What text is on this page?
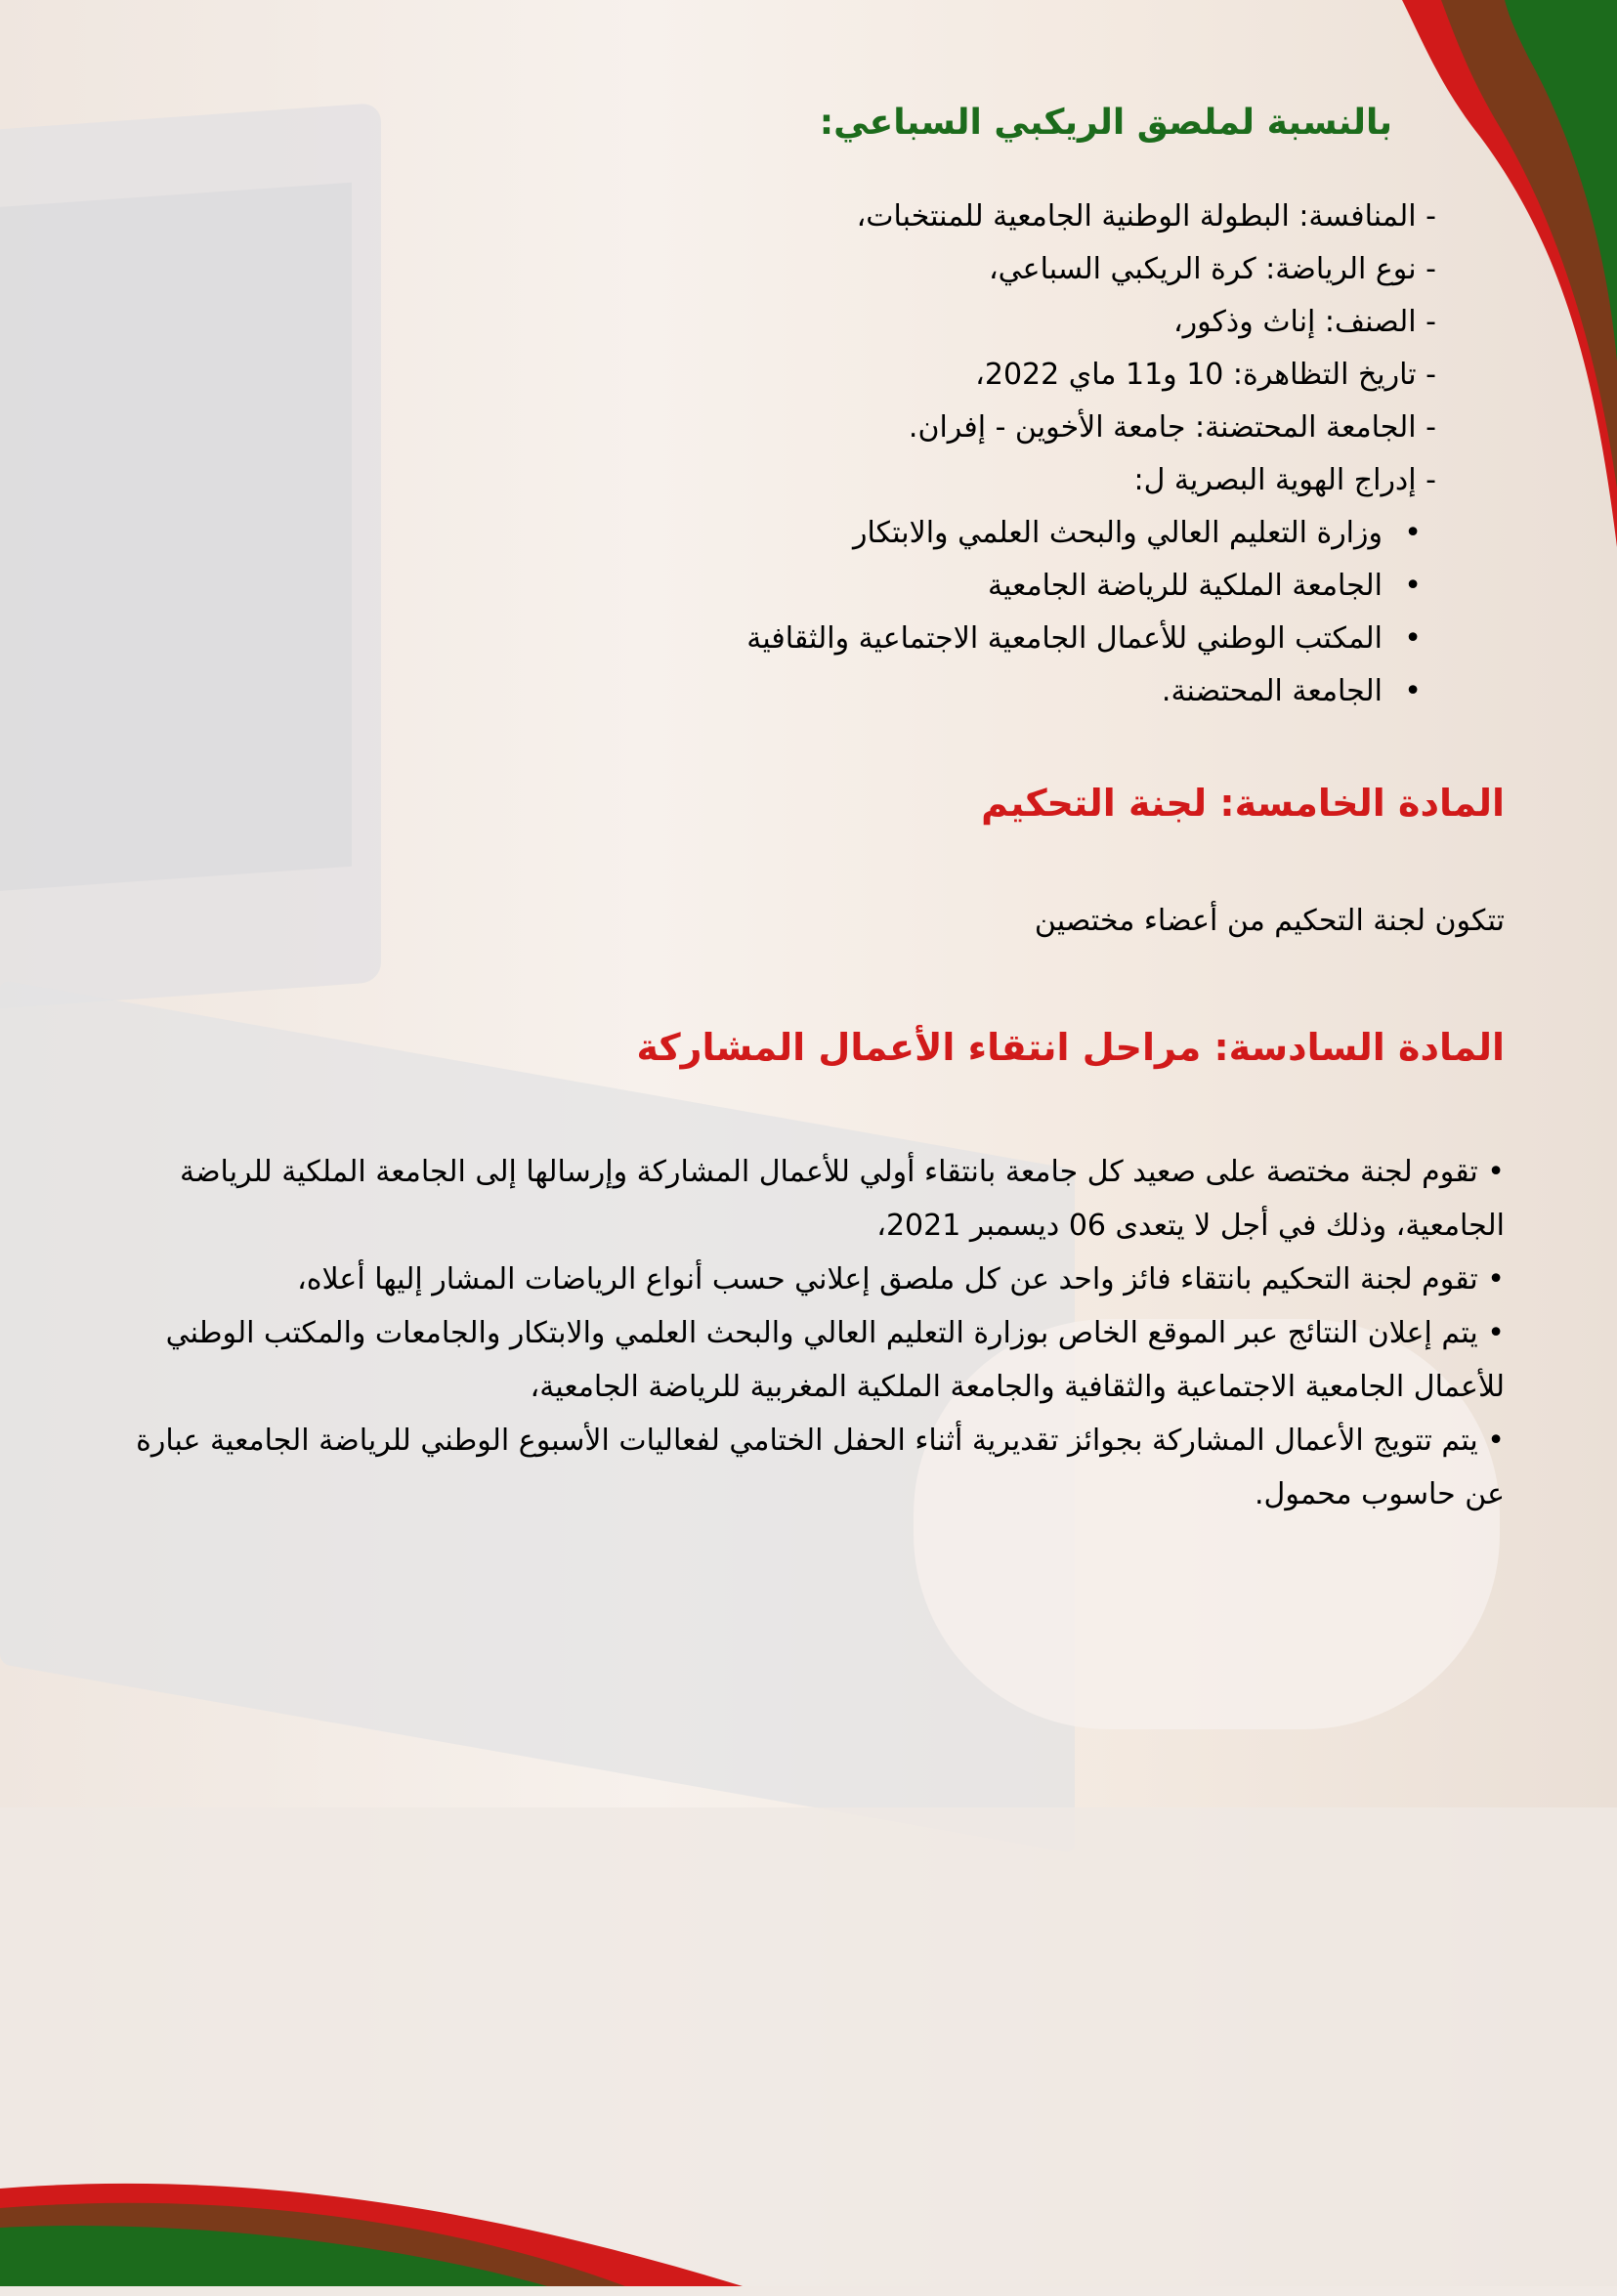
بالنسبة لملصق الريكبي السباعي:
- المنافسة: البطولة الوطنية الجامعية للمنتخبات،
- نوع الرياضة: كرة الريكبي السباعي،
- الصنف: إناث وذكور،
- تاريخ التظاهرة: 10 و11 ماي 2022،
- الجامعة المحتضنة: جامعة الأخوين - إفران.
- إدراج الهوية البصرية ل:
• وزارة التعليم العالي والبحث العلمي والابتكار
• الجامعة الملكية للرياضة الجامعية
• المكتب الوطني للأعمال الجامعية الاجتماعية والثقافية
• الجامعة المحتضنة.
المادة الخامسة: لجنة التحكيم
تتكون لجنة التحكيم من أعضاء مختصين
المادة السادسة: مراحل انتقاء الأعمال المشاركة

• تقوم لجنة مختصة على صعيد كل جامعة بانتقاء أولي للأعمال المشاركة وإرسالها إلى الجامعة الملكية للرياضة الجامعية، وذلك في أجل لا يتعدى 06 ديسمبر 2021،

• تقوم لجنة التحكيم بانتقاء فائز واحد عن كل ملصق إعلاني حسب أنواع الرياضات المشار إليها أعلاه،

• يتم إعلان النتائج عبر الموقع الخاص بوزارة التعليم العالي والبحث العلمي والابتكار والجامعات والمكتب الوطني للأعمال الجامعية الاجتماعية والثقافية والجامعة الملكية المغربية للرياضة الجامعية،

• يتم تتويج الأعمال المشاركة بجوائز تقديرية أثناء الحفل الختامي لفعاليات الأسبوع الوطني للرياضة الجامعية عبارة عن حاسوب محمول.
